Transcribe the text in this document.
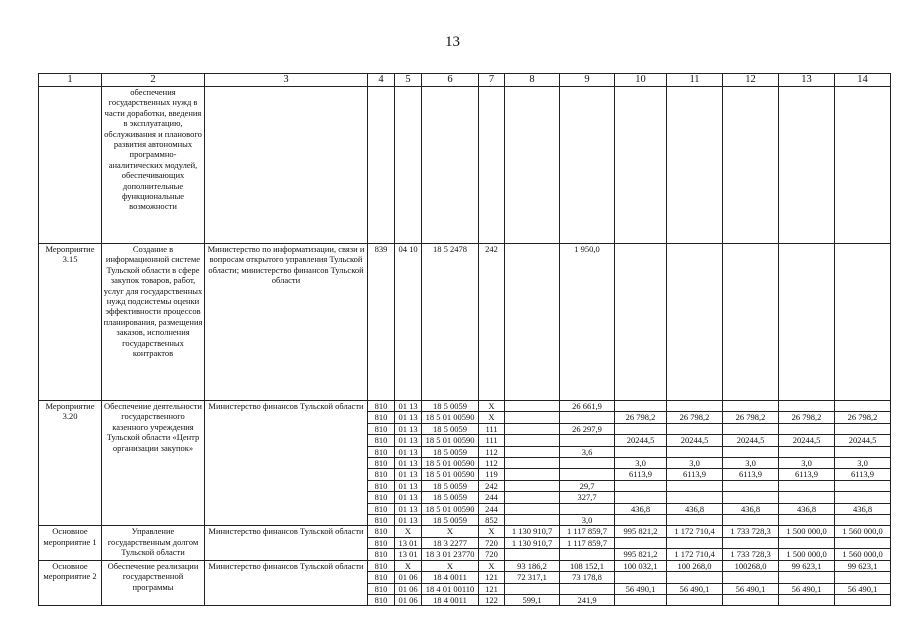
13
1	2	3	4	5	6	7	8	9	10	11	12	13	14
	обеспечения государственных нужд в части доработки, введения в эксплуатацию, обслуживания и планового развития автономных программно-аналитических модулей, обеспечивающих дополнительные функциональные возможности												
Мероприятие 3.15	Создание в информационной системе Тульской области в сфере закупок товаров, работ, услуг для государственных нужд подсистемы оценки эффективности процессов планирования, размещения заказов, исполнения государственных контрактов	Министерство по информатизации, связи и вопросам открытого управления Тульской области; министерство финансов Тульской области	839	04 10	18 5 2478	242		1 950,0					
Мероприятие 3.20	Обеспечение деятельности государственного казенного учреждения Тульской области «Центр организации закупок»	Министерство финансов Тульской области	810	01 13	18 5 0059	Х		26 661,9					
			810	01 13	18 5 01 00590	Х			26 798,2	26 798,2	26 798,2	26 798,2	26 798,2
			810	01 13	18 5 0059	111		26 297,9					
			810	01 13	18 5 01 00590	111			20244,5	20244,5	20244,5	20244,5	20244,5
			810	01 13	18 5 0059	112		3,6					
			810	01 13	18 5 01 00590	112			3,0	3,0	3,0	3,0	3,0
			810	01 13	18 5 01 00590	119			6113,9	6113,9	6113,9	6113,9	6113,9
			810	01 13	18 5 0059	242		29,7					
			810	01 13	18 5 0059	244		327,7					
			810	01 13	18 5 01 00590	244			436,8	436,8	436,8	436,8	436,8
			810	01 13	18 5 0059	852		3,0					
Основное мероприятие 1	Управление государственным долгом Тульской области	Министерство финансов Тульской области	810	Х	Х	Х	1 130 910,7	1 117 859,7	995 821,2	1 172 710,4	1 733 728,3	1 500 000,0	1 560 000,0
			810	13 01	18 3 2277	720	1 130 910,7	1 117 859,7					
			810	13 01	18 3 01 23770	720			995 821,2	1 172 710,4	1 733 728,3	1 500 000,0	1 560 000,0
Основное мероприятие 2	Обеспечение реализации государственной программы	Министерство финансов Тульской области	810	Х	Х	Х	93 186,2	108 152,1	100 032,1	100 268,0	100268,0	99 623,1	99 623,1
			810	01 06	18 4 0011	121	72 317,1	73 178,8					
			810	01 06	18 4 01 00110	121			56 490,1	56 490,1	56 490,1	56 490,1	56 490,1
			810	01 06	18 4 0011	122	599,1	241,9					
